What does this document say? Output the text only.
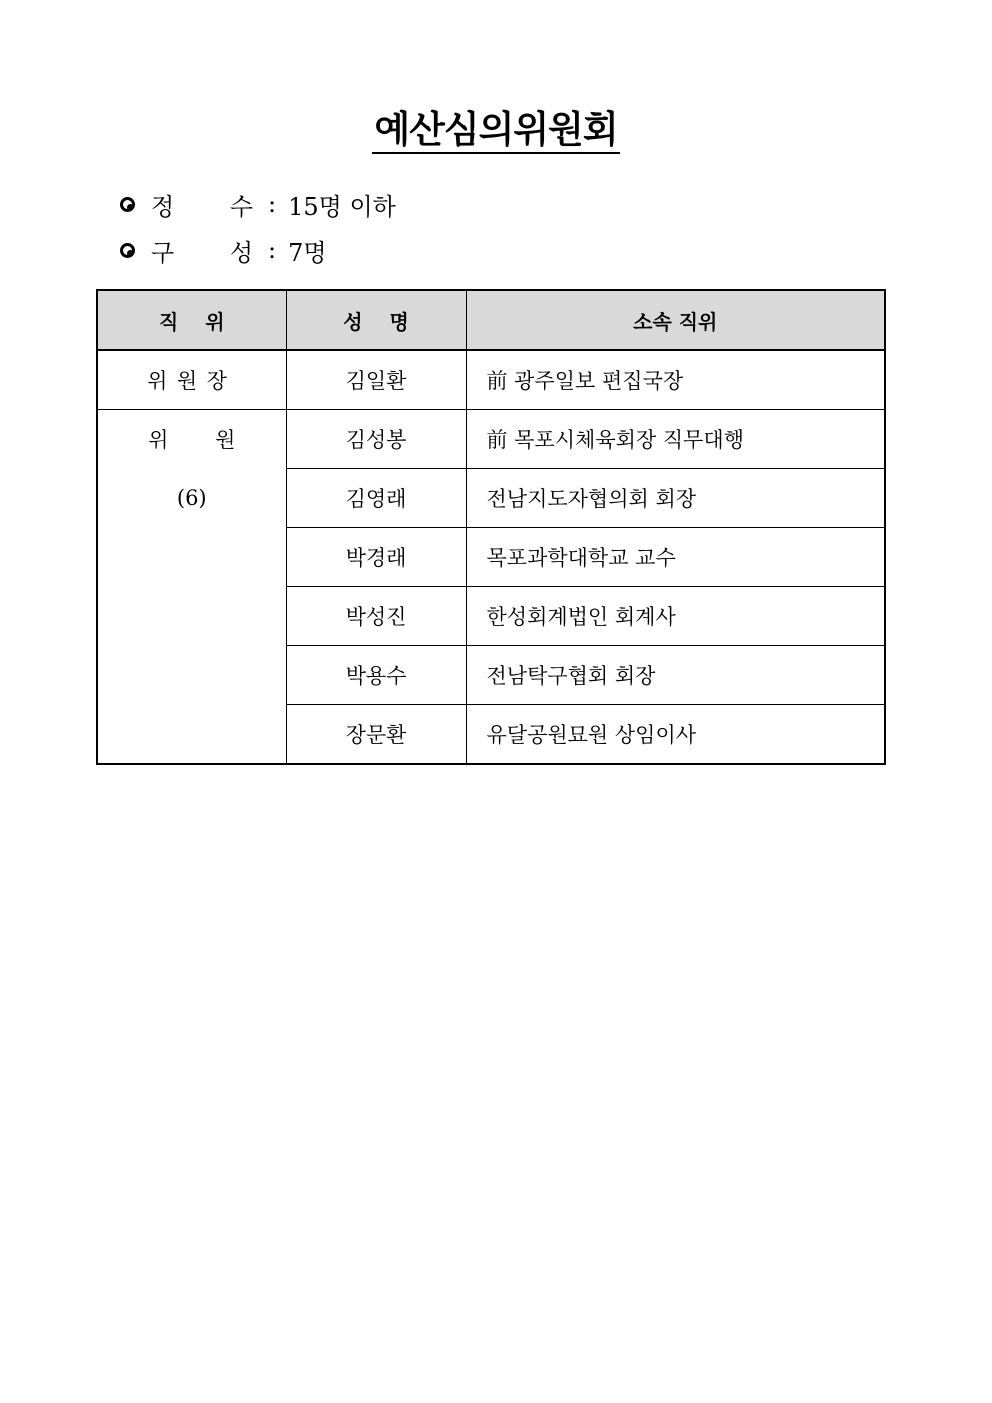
예산심의위원회
정 수 : 15명 이하
구 성 : 7명
직 위	성 명	소속 직위
위원장	김일환	前 광주일보 편집국장

위 원
(6)	김성봉	前 목포시체육회장 직무대행
	김영래	전남지도자협의회 회장
	박경래	목포과학대학교 교수
	박성진	한성회계법인 회계사
	박용수	전남탁구협회 회장
	장문환	유달공원묘원 상임이사
